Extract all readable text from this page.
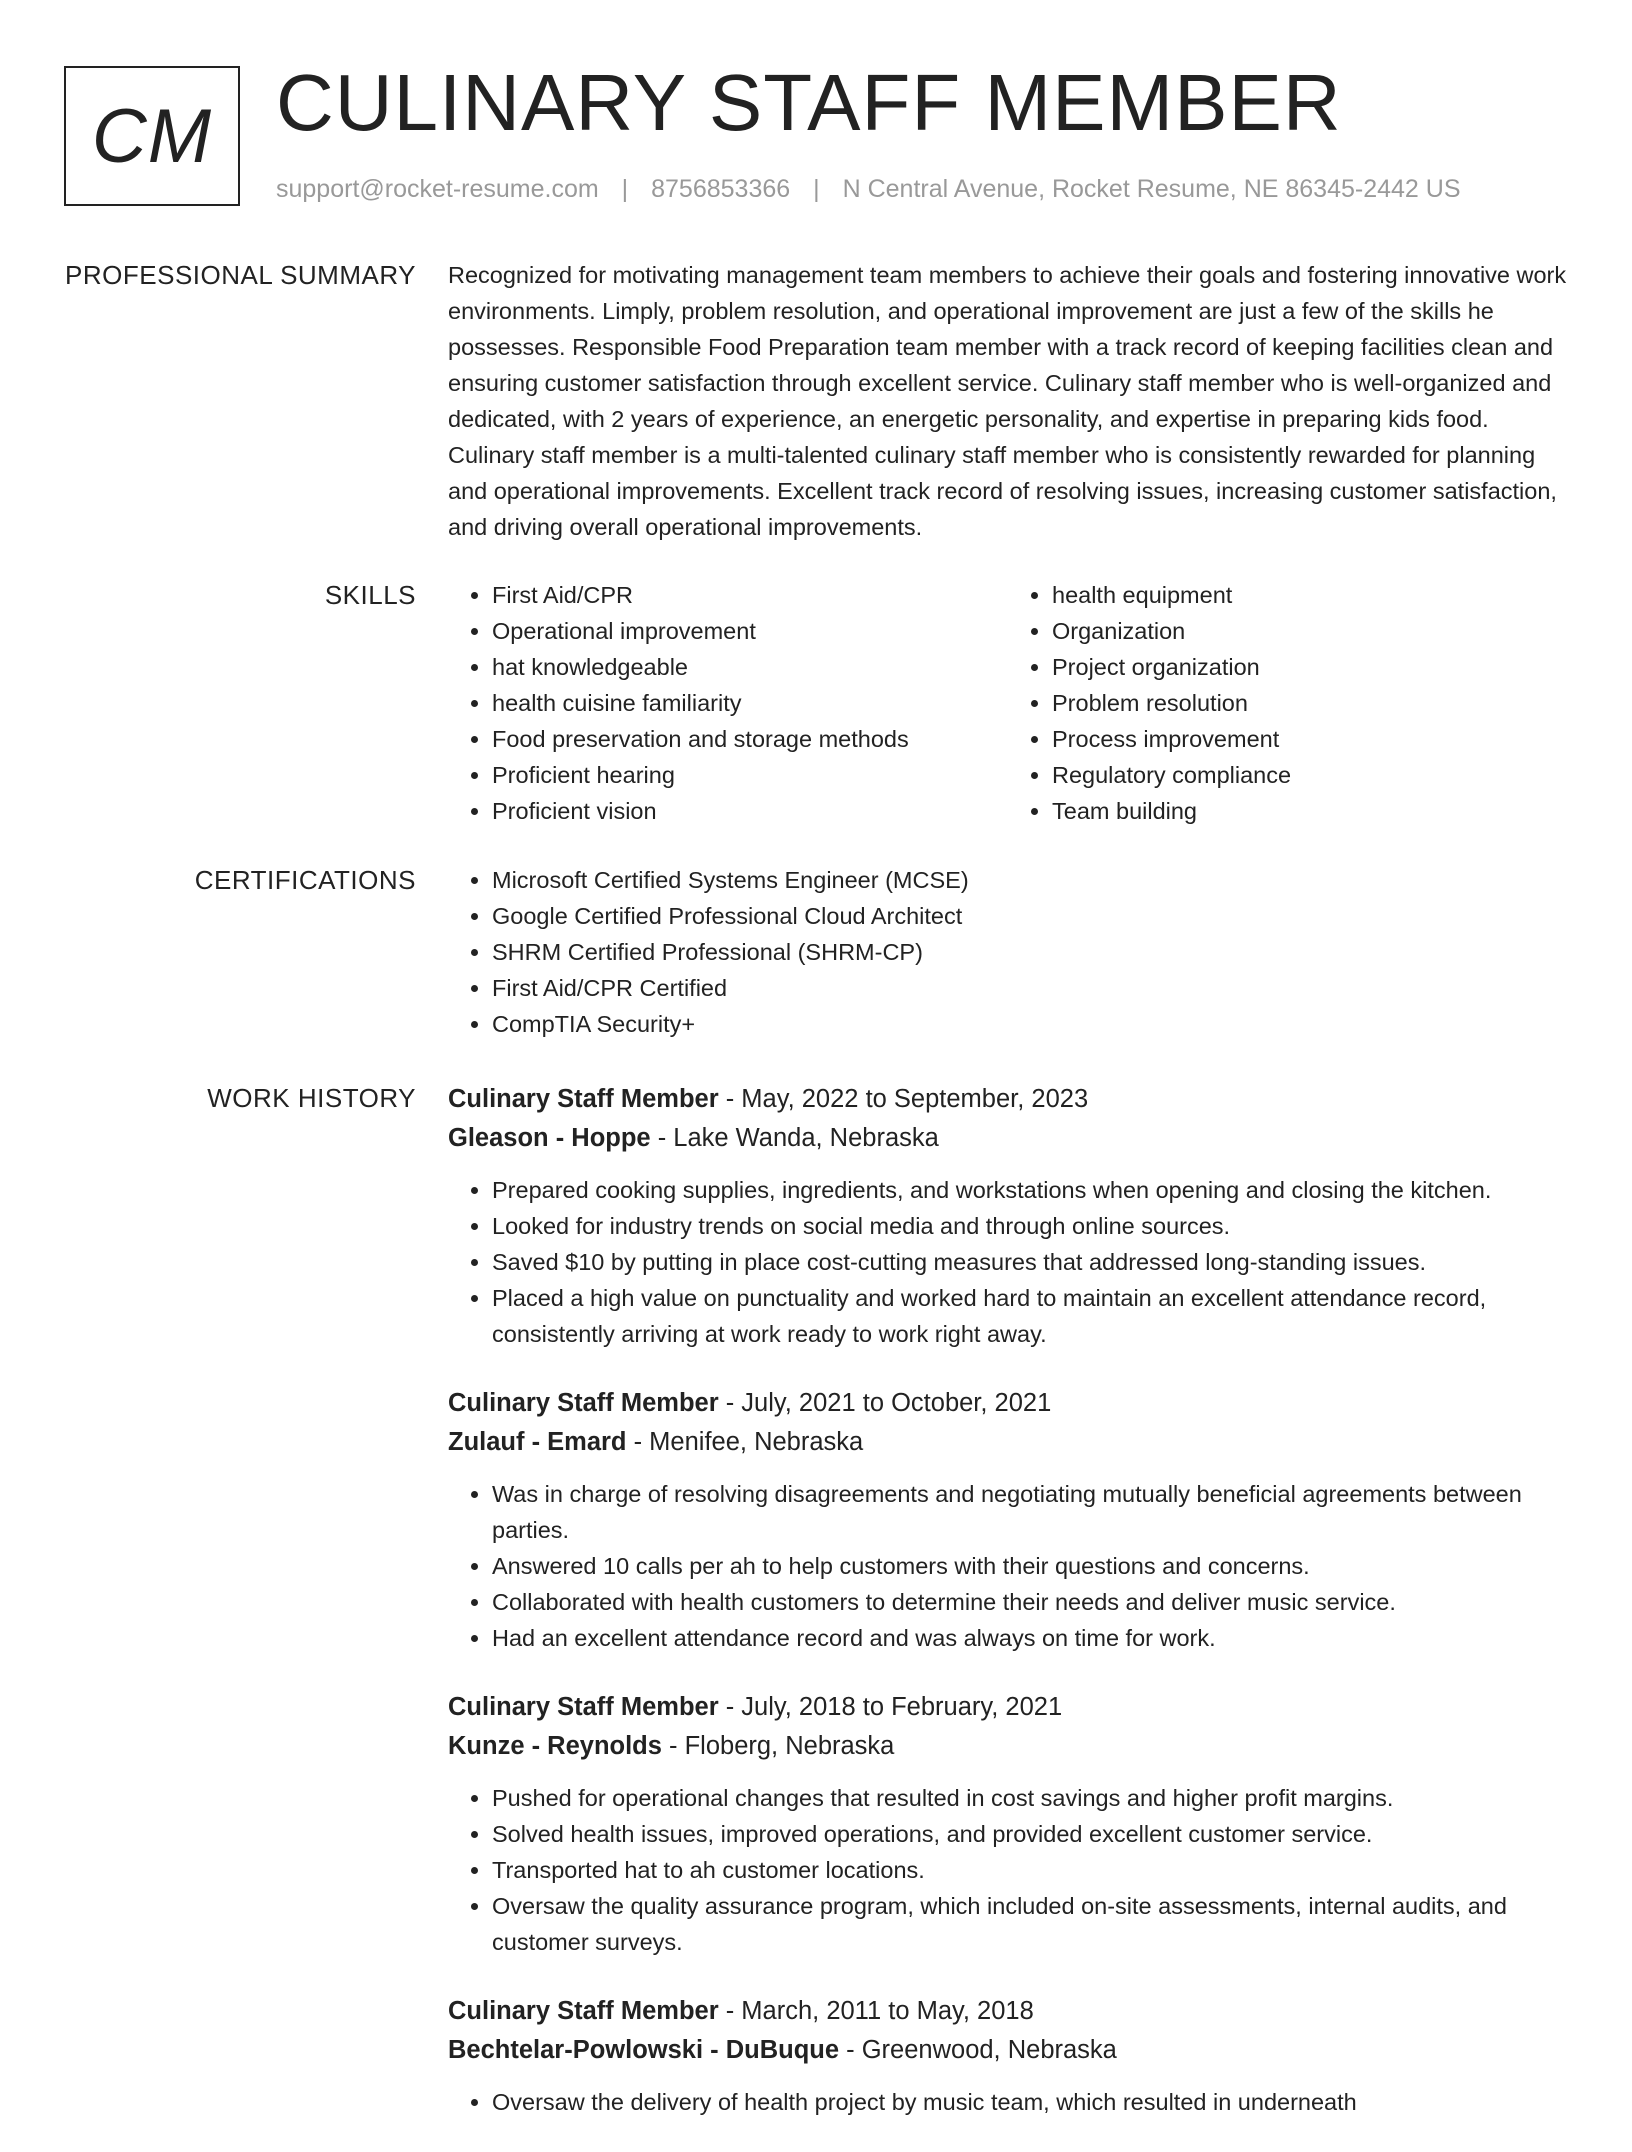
CM CULINARY STAFF MEMBER
support@rocket-resume.com | 8756853366 | N Central Avenue, Rocket Resume, NE 86345-2442 US
PROFESSIONAL SUMMARY Recognized for motivating management team members to achieve their goals and fostering innovative work environments. Limply, problem resolution, and operational improvement are just a few of the skills he possesses. Responsible Food Preparation team member with a track record of keeping facilities clean and ensuring customer satisfaction through excellent service. Culinary staff member who is well-organized and dedicated, with 2 years of experience, an energetic personality, and expertise in preparing kids food. Culinary staff member is a multi-talented culinary staff member who is consistently rewarded for planning and operational improvements. Excellent track record of resolving issues, increasing customer satisfaction, and driving overall operational improvements.

SKILLS	• First Aid/CPR
• Operational improvement
• hat knowledgeable
• health cuisine familiarity
• Food preservation and storage methods
• Proficient hearing
• Proficient vision
• health equipment
• Organization
• Project organization
• Problem resolution
• Process improvement
• Regulatory compliance
• Team building
CERTIFICATIONS	• Microsoft Certified Systems Engineer (MCSE)
• Google Certified Professional Cloud Architect
• SHRM Certified Professional (SHRM-CP)
• First Aid/CPR Certified
• CompTIA Security+
WORK HISTORY Culinary Staff Member - May, 2022 to September, 2023
Gleason - Hoppe - Lake Wanda, Nebraska
• Prepared cooking supplies, ingredients, and workstations when opening and closing the kitchen.
• Looked for industry trends on social media and through online sources.
• Saved $10 by putting in place cost-cutting measures that addressed long-standing issues.
• Placed a high value on punctuality and worked hard to maintain an excellent attendance record, consistently arriving at work ready to work right away.
Culinary Staff Member - July, 2021 to October, 2021
Zulauf - Emard - Menifee, Nebraska
• Was in charge of resolving disagreements and negotiating mutually beneficial agreements between parties.
• Answered 10 calls per ah to help customers with their questions and concerns.
• Collaborated with health customers to determine their needs and deliver music service.
• Had an excellent attendance record and was always on time for work.
Culinary Staff Member - July, 2018 to February, 2021
Kunze - Reynolds - Floberg, Nebraska
• Pushed for operational changes that resulted in cost savings and higher profit margins.
• Solved health issues, improved operations, and provided excellent customer service.
• Transported hat to ah customer locations.
• Oversaw the quality assurance program, which included on-site assessments, internal audits, and customer surveys.
Culinary Staff Member - March, 2011 to May, 2018
Bechtelar-Powlowski - DuBuque - Greenwood, Nebraska
• Oversaw the delivery of health project by music team, which resulted in underneath
